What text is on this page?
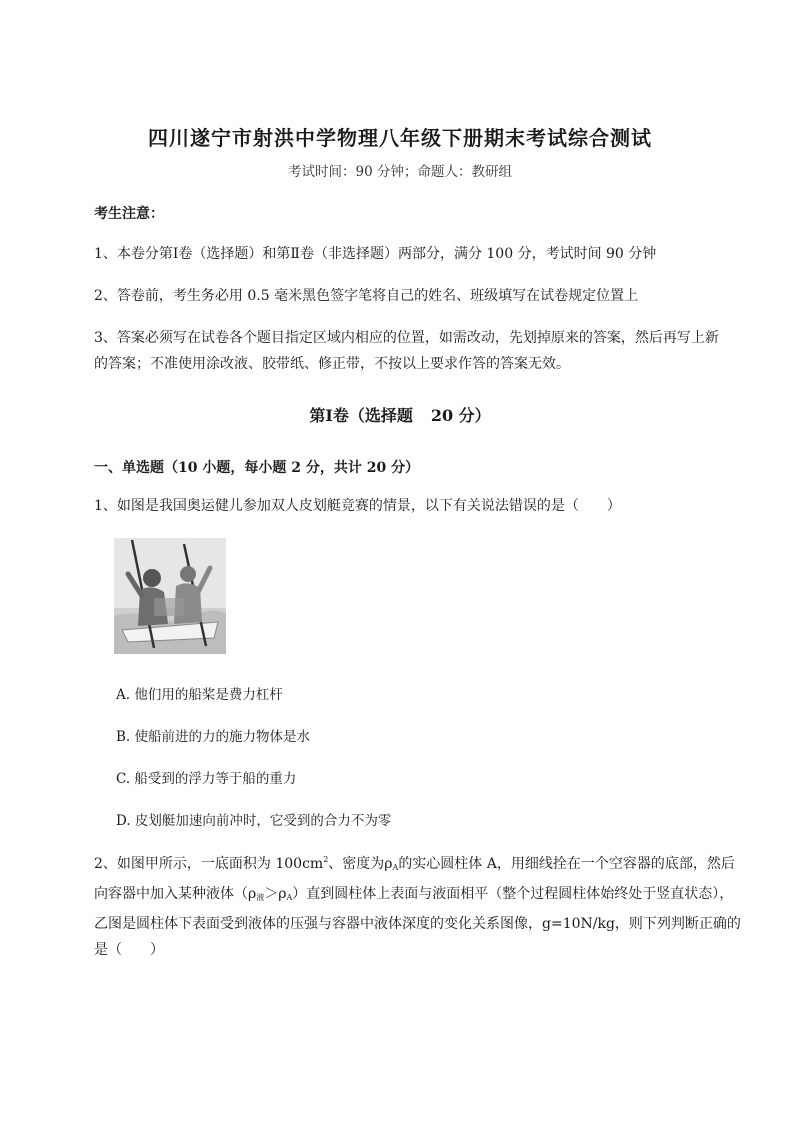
四川遂宁市射洪中学物理八年级下册期末考试综合测试
考试时间：90 分钟；命题人：教研组
考生注意：
1、本卷分第Ⅰ卷（选择题）和第Ⅱ卷（非选择题）两部分，满分 100 分，考试时间 90 分钟
2、答卷前，考生务必用 0.5 毫米黑色签字笔将自己的姓名、班级填写在试卷规定位置上
3、答案必须写在试卷各个题目指定区域内相应的位置，如需改动，先划掉原来的答案，然后再写上新的答案；不准使用涂改液、胶带纸、修正带，不按以上要求作答的答案无效。
第Ⅰ卷（选择题 20 分）
一、单选题（10 小题，每小题 2 分，共计 20 分）
1、如图是我国奥运健儿参加双人皮划艇竞赛的情景，以下有关说法错误的是（　　）
A. 他们用的船桨是费力杠杆
B. 使船前进的力的施力物体是水
C. 船受到的浮力等于船的重力
D. 皮划艇加速向前冲时，它受到的合力不为零
2、如图甲所示，一底面积为 $100cm^2$、密度为$\rho_A$的实心圆柱体 A，用细线拴在一个空容器的底部，然后向容器中加入某种液体$(\rho_液>\rho_A)$直到圆柱体上表面与液面相平（整个过程圆柱体始终处于竖直状态），乙图是圆柱体下表面受到液体的压强与容器中液体深度的变化关系图像，g=10N/kg，则下列判断正确的是（　　）
